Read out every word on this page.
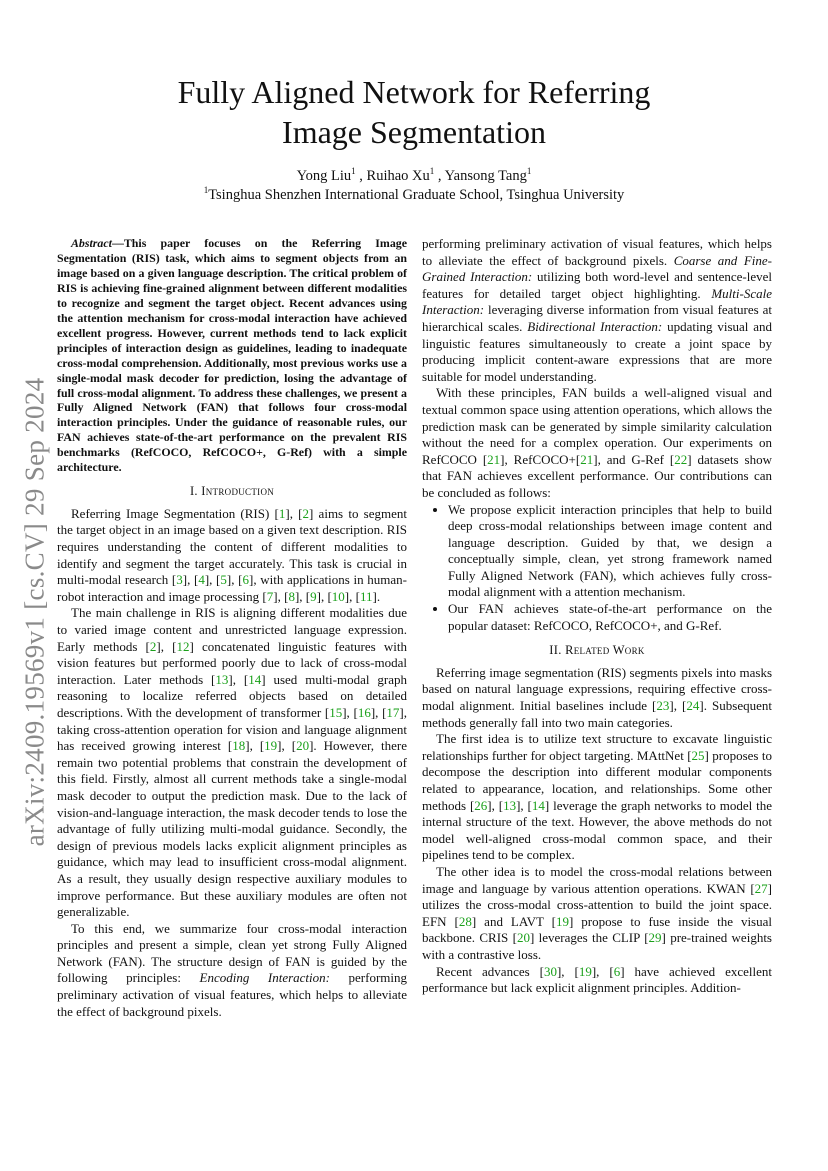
arXiv:2409.19569v1 [cs.CV] 29 Sep 2024
Fully Aligned Network for Referring
Image Segmentation
Yong Liu$^1$ , Ruihao Xu$^1$ , Yansong Tang$^1$
$^1$Tsinghua Shenzhen International Graduate School, Tsinghua University

Abstract—This paper focuses on the Referring Image Segmentation (RIS) task, which aims to segment objects from an image based on a given language description. The critical problem of RIS is achieving fine-grained alignment between different modalities to recognize and segment the target object. Recent advances using the attention mechanism for cross-modal interaction have achieved excellent progress. However, current methods tend to lack explicit principles of interaction design as guidelines, leading to inadequate cross-modal comprehension. Additionally, most previous works use a single-modal mask decoder for prediction, losing the advantage of full cross-modal alignment. To address these challenges, we present a Fully Aligned Network (FAN) that follows four cross-modal interaction principles. Under the guidance of reasonable rules, our FAN achieves state-of-the-art performance on the prevalent RIS benchmarks (RefCOCO, RefCOCO+, G-Ref) with a simple architecture.

I. Introduction

Referring Image Segmentation (RIS) [1], [2] aims to segment the target object in an image based on a given text description. RIS requires understanding the content of different modalities to identify and segment the target accurately. This task is crucial in multi-modal research [3], [4], [5], [6], with applications in human-robot interaction and image processing [7], [8], [9], [10], [11].

The main challenge in RIS is aligning different modalities due to varied image content and unrestricted language expression. Early methods [2], [12] concatenated linguistic features with vision features but performed poorly due to lack of cross-modal interaction. Later methods [13], [14] used multi-modal graph reasoning to localize referred objects based on detailed descriptions. With the development of transformer [15], [16], [17], taking cross-attention operation for vision and language alignment has received growing interest [18], [19], [20]. However, there remain two potential problems that constrain the development of this field. Firstly, almost all current methods take a single-modal mask decoder to output the prediction mask. Due to the lack of vision-and-language interaction, the mask decoder tends to lose the advantage of fully utilizing multi-modal guidance. Secondly, the design of previous models lacks explicit alignment principles as guidance, which may lead to insufficient cross-modal alignment. As a result, they usually design respective auxiliary modules to improve performance. But these auxiliary modules are often not generalizable.

To this end, we summarize four cross-modal interaction principles and present a simple, clean yet strong Fully Aligned Network (FAN). The structure design of FAN is guided by the following principles: Encoding Interaction: performing preliminary activation of visual features, which helps to alleviate the effect of background pixels.

performing preliminary activation of visual features, which helps to alleviate the effect of background pixels. Coarse and Fine-Grained Interaction: utilizing both word-level and sentence-level features for detailed target object highlighting. Multi-Scale Interaction: leveraging diverse information from visual features at hierarchical scales. Bidirectional Interaction: updating visual and linguistic features simultaneously to create a joint space by producing implicit content-aware expressions that are more suitable for model understanding.

With these principles, FAN builds a well-aligned visual and textual common space using attention operations, which allows the prediction mask can be generated by simple similarity calculation without the need for a complex operation. Our experiments on RefCOCO [21], RefCOCO+[21], and G-Ref [22] datasets show that FAN achieves excellent performance. Our contributions can be concluded as follows:

• We propose explicit interaction principles that help to build deep cross-modal relationships between image content and language description. Guided by that, we design a conceptually simple, clean, yet strong framework named Fully Aligned Network (FAN), which achieves fully cross-modal alignment with a attention mechanism.
• Our FAN achieves state-of-the-art performance on the popular dataset: RefCOCO, RefCOCO+, and G-Ref.
II. Related Work

Referring image segmentation (RIS) segments pixels into masks based on natural language expressions, requiring effective cross-modal alignment. Initial baselines include [23], [24]. Subsequent methods generally fall into two main categories.

The first idea is to utilize text structure to excavate linguistic relationships further for object targeting. MAttNet [25] proposes to decompose the description into different modular components related to appearance, location, and relationships. Some other methods [26], [13], [14] leverage the graph networks to model the internal structure of the text. However, the above methods do not model well-aligned cross-modal common space, and their pipelines tend to be complex.

The other idea is to model the cross-modal relations between image and language by various attention operations. KWAN [27] utilizes the cross-modal cross-attention to build the joint space. EFN [28] and LAVT [19] propose to fuse inside the visual backbone. CRIS [20] leverages the CLIP [29] pre-trained weights with a contrastive loss.

Recent advances [30], [19], [6] have achieved excellent performance but lack explicit alignment principles. Addition-
